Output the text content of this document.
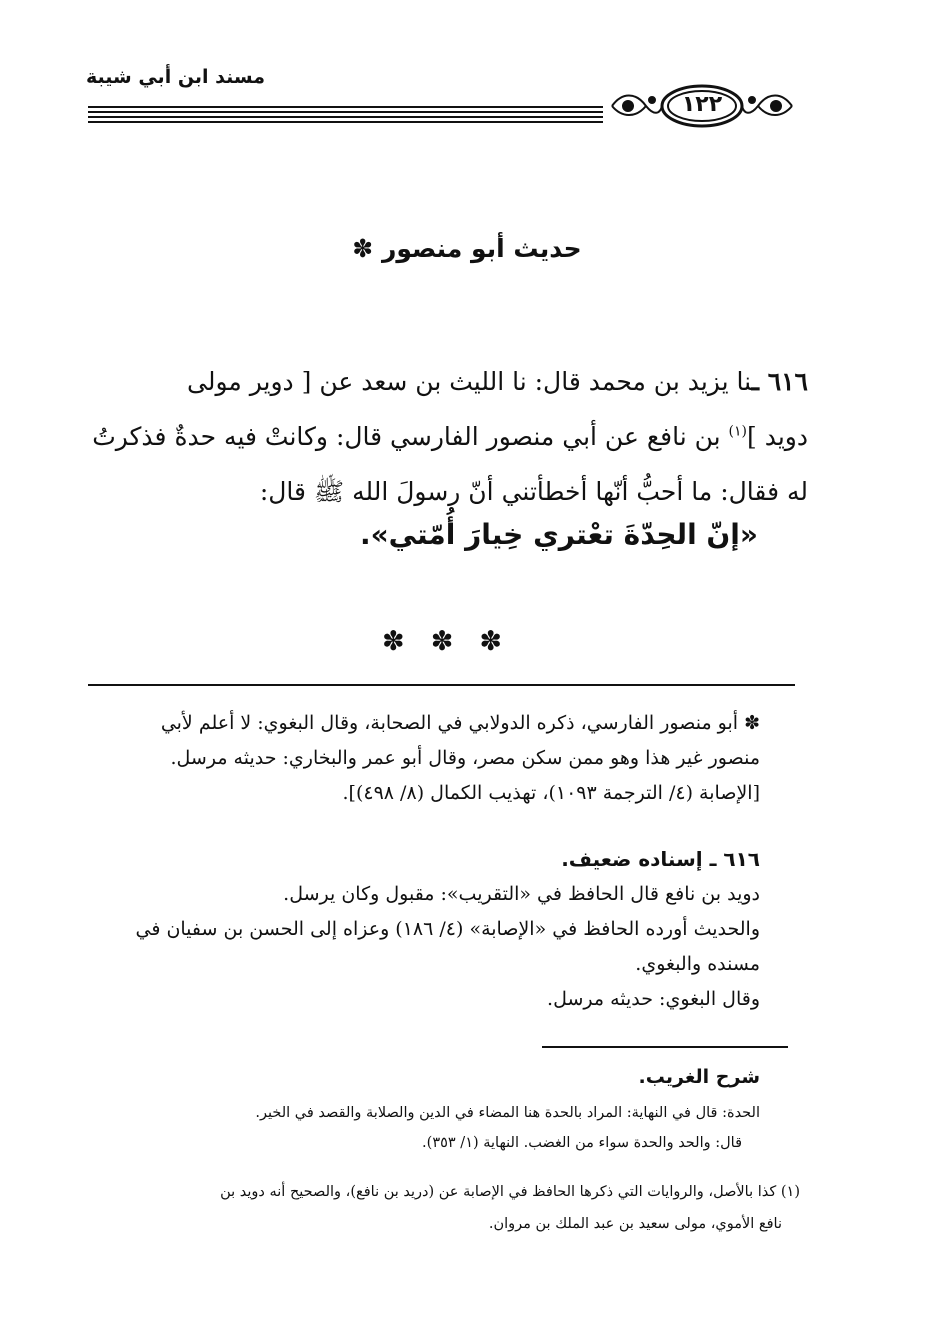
مسند ابن أبي شيبة
١٢٢
حديث أبو منصور ✽

٦١٦ ـنا يزيد بن محمد قال: نا الليث بن سعد عن [ دوير مولى

دويد ]$^{(١)}$ بن نافع عن أبي منصور الفارسي قال: وكانتْ فيه حدةٌ فذكرتُ

له فقال: ما أحبُّ أنّها أخطأتني أنّ رسولَ الله ﷺ قال:

«إنّ الحِدّةَ تعْتري خِيارَ أُمّتي».
✽ ✽ ✽

✽ أبو منصور الفارسي، ذكره الدولابي في الصحابة، وقال البغوي: لا أعلم لأبي

منصور غير هذا وهو ممن سكن مصر، وقال أبو عمر والبخاري: حديثه مرسل.

[الإصابة (٤/ الترجمة ١٠٩٣)، تهذيب الكمال (٨/ ٤٩٨)].

٦١٦ ـ إسناده ضعيف.

دويد بن نافع قال الحافظ في «التقريب»: مقبول وكان يرسل.

والحديث أورده الحافظ في «الإصابة» (٤/ ١٨٦) وعزاه إلى الحسن بن سفيان في

مسنده والبغوي.

وقال البغوي: حديثه مرسل.

شرح الغريب.

الحدة: قال في النهاية: المراد بالحدة هنا المضاء في الدين والصلابة والقصد في الخير.

قال: والحد والحدة سواء من الغضب. النهاية (١/ ٣٥٣).

(١) كذا بالأصل، والروايات التي ذكرها الحافظ في الإصابة عن (دريد بن نافع)، والصحيح أنه دويد بن

نافع الأموي، مولى سعيد بن عبد الملك بن مروان.
